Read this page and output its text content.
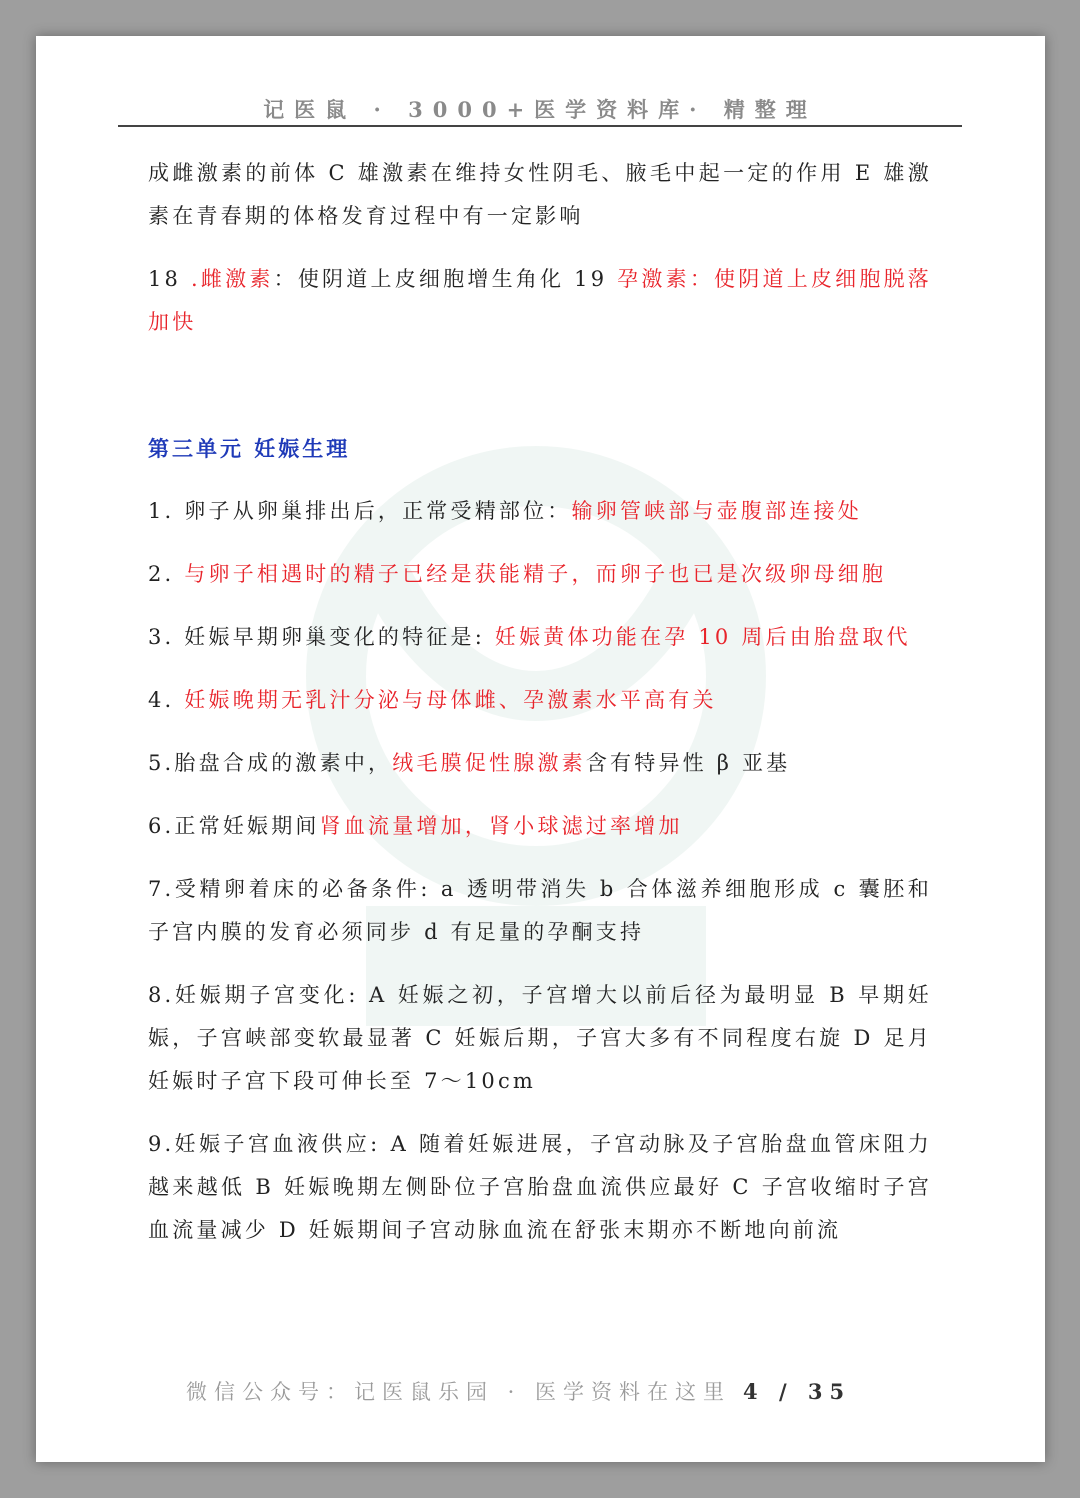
记医鼠 · 3000+医学资料库· 精整理

成雌激素的前体 C 雄激素在维持女性阴毛、腋毛中起一定的作用 E 雄激素在青春期的体格发育过程中有一定影响

18 .雌激素：使阴道上皮细胞增生角化 19 孕激素：使阴道上皮细胞脱落加快

第三单元 妊娠生理

1. 卵子从卵巢排出后，正常受精部位：输卵管峡部与壶腹部连接处

2. 与卵子相遇时的精子已经是获能精子，而卵子也已是次级卵母细胞

3. 妊娠早期卵巢变化的特征是: 妊娠黄体功能在孕 10 周后由胎盘取代

4. 妊娠晚期无乳汁分泌与母体雌、孕激素水平高有关

5.胎盘合成的激素中，绒毛膜促性腺激素含有特异性 β 亚基

6.正常妊娠期间肾血流量增加，肾小球滤过率增加

7.受精卵着床的必备条件: a 透明带消失 b 合体滋养细胞形成 c 囊胚和子宫内膜的发育必须同步 d 有足量的孕酮支持

8.妊娠期子宫变化: A 妊娠之初，子宫增大以前后径为最明显 B 早期妊娠，子宫峡部变软最显著 C 妊娠后期，子宫大多有不同程度右旋 D 足月妊娠时子宫下段可伸长至 7～10cm

9.妊娠子宫血液供应: A 随着妊娠进展，子宫动脉及子宫胎盘血管床阻力越来越低 B 妊娠晚期左侧卧位子宫胎盘血流供应最好 C 子宫收缩时子宫血流量减少 D 妊娠期间子宫动脉血流在舒张末期亦不断地向前流

微信公众号：记医鼠乐园 · 医学资料在这里 4 / 35
